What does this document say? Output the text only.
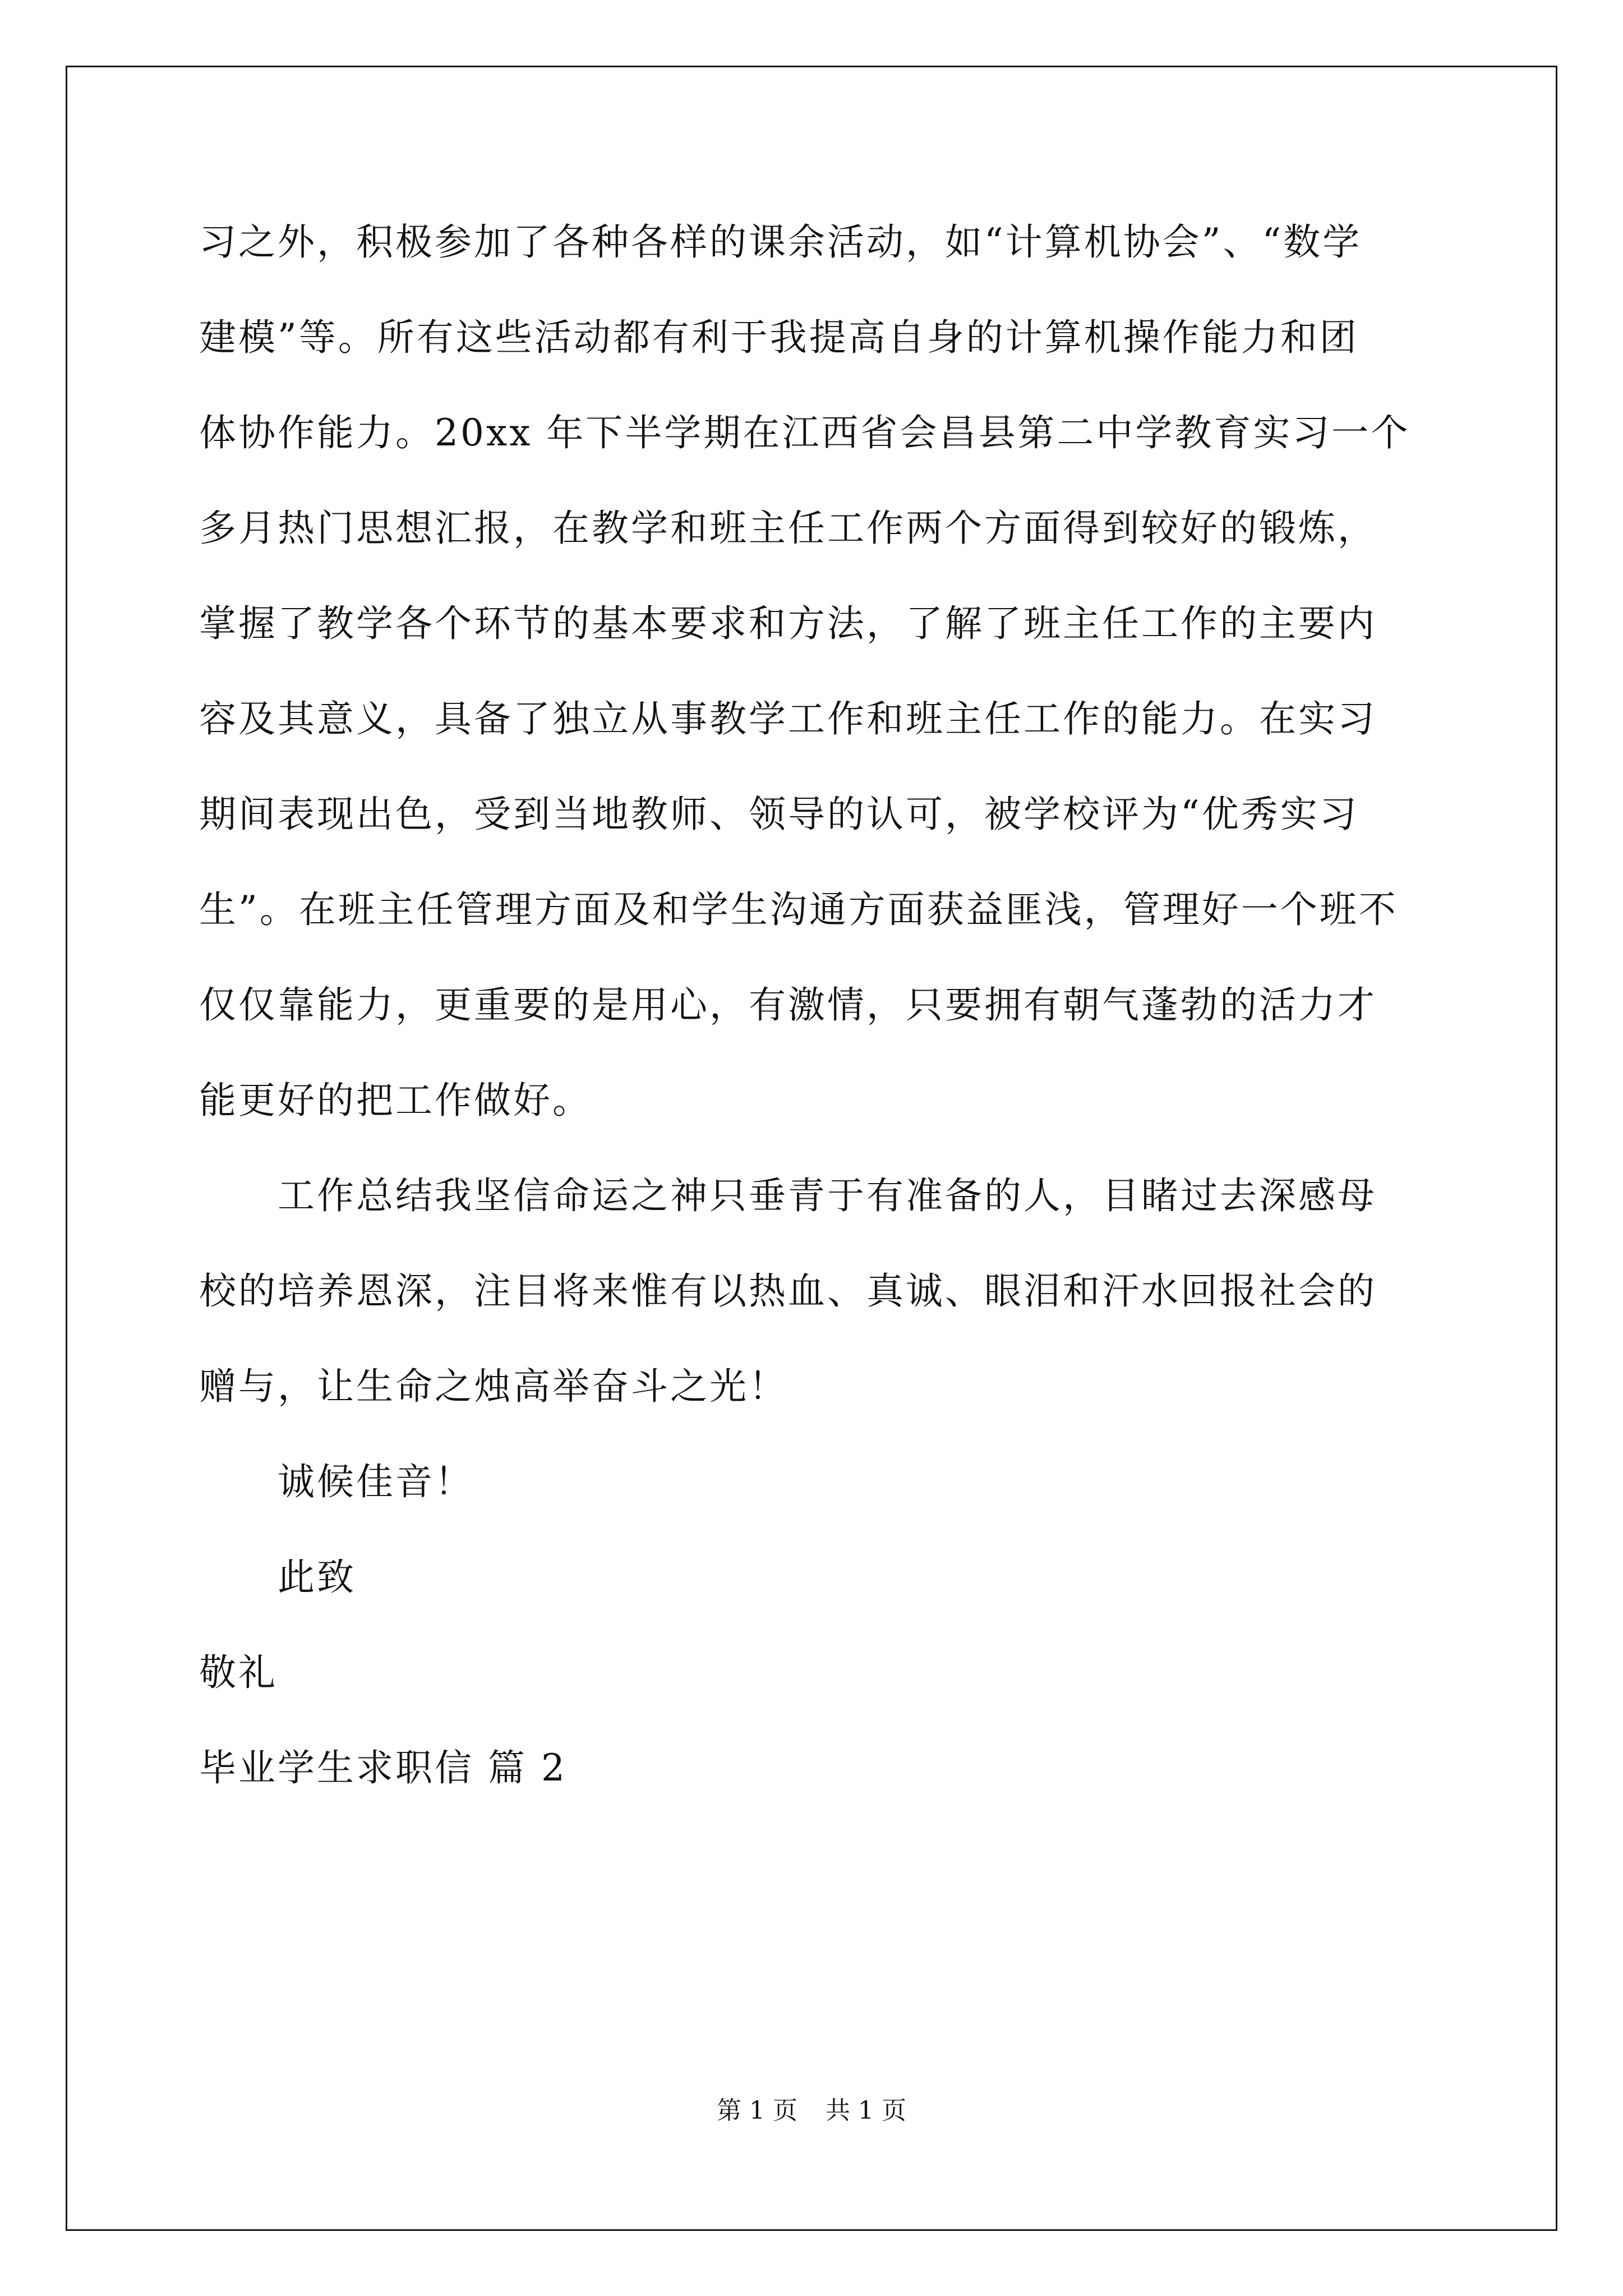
习之外，积极参加了各种各样的课余活动，如“计算机协会”、“数学
建模”等。所有这些活动都有利于我提高自身的计算机操作能力和团
体协作能力。20xx 年下半学期在江西省会昌县第二中学教育实习一个
多月热门思想汇报，在教学和班主任工作两个方面得到较好的锻炼，
掌握了教学各个环节的基本要求和方法，了解了班主任工作的主要内
容及其意义，具备了独立从事教学工作和班主任工作的能力。在实习
期间表现出色，受到当地教师、领导的认可，被学校评为“优秀实习
生”。在班主任管理方面及和学生沟通方面获益匪浅，管理好一个班不
仅仅靠能力，更重要的是用心，有激情，只要拥有朝气蓬勃的活力才
能更好的把工作做好。
工作总结我坚信命运之神只垂青于有准备的人，目睹过去深感母
校的培养恩深，注目将来惟有以热血、真诚、眼泪和汗水回报社会的
赠与，让生命之烛高举奋斗之光！
诚候佳音！
此致
敬礼
毕业学生求职信 篇 2
第 1 页 共 1 页
